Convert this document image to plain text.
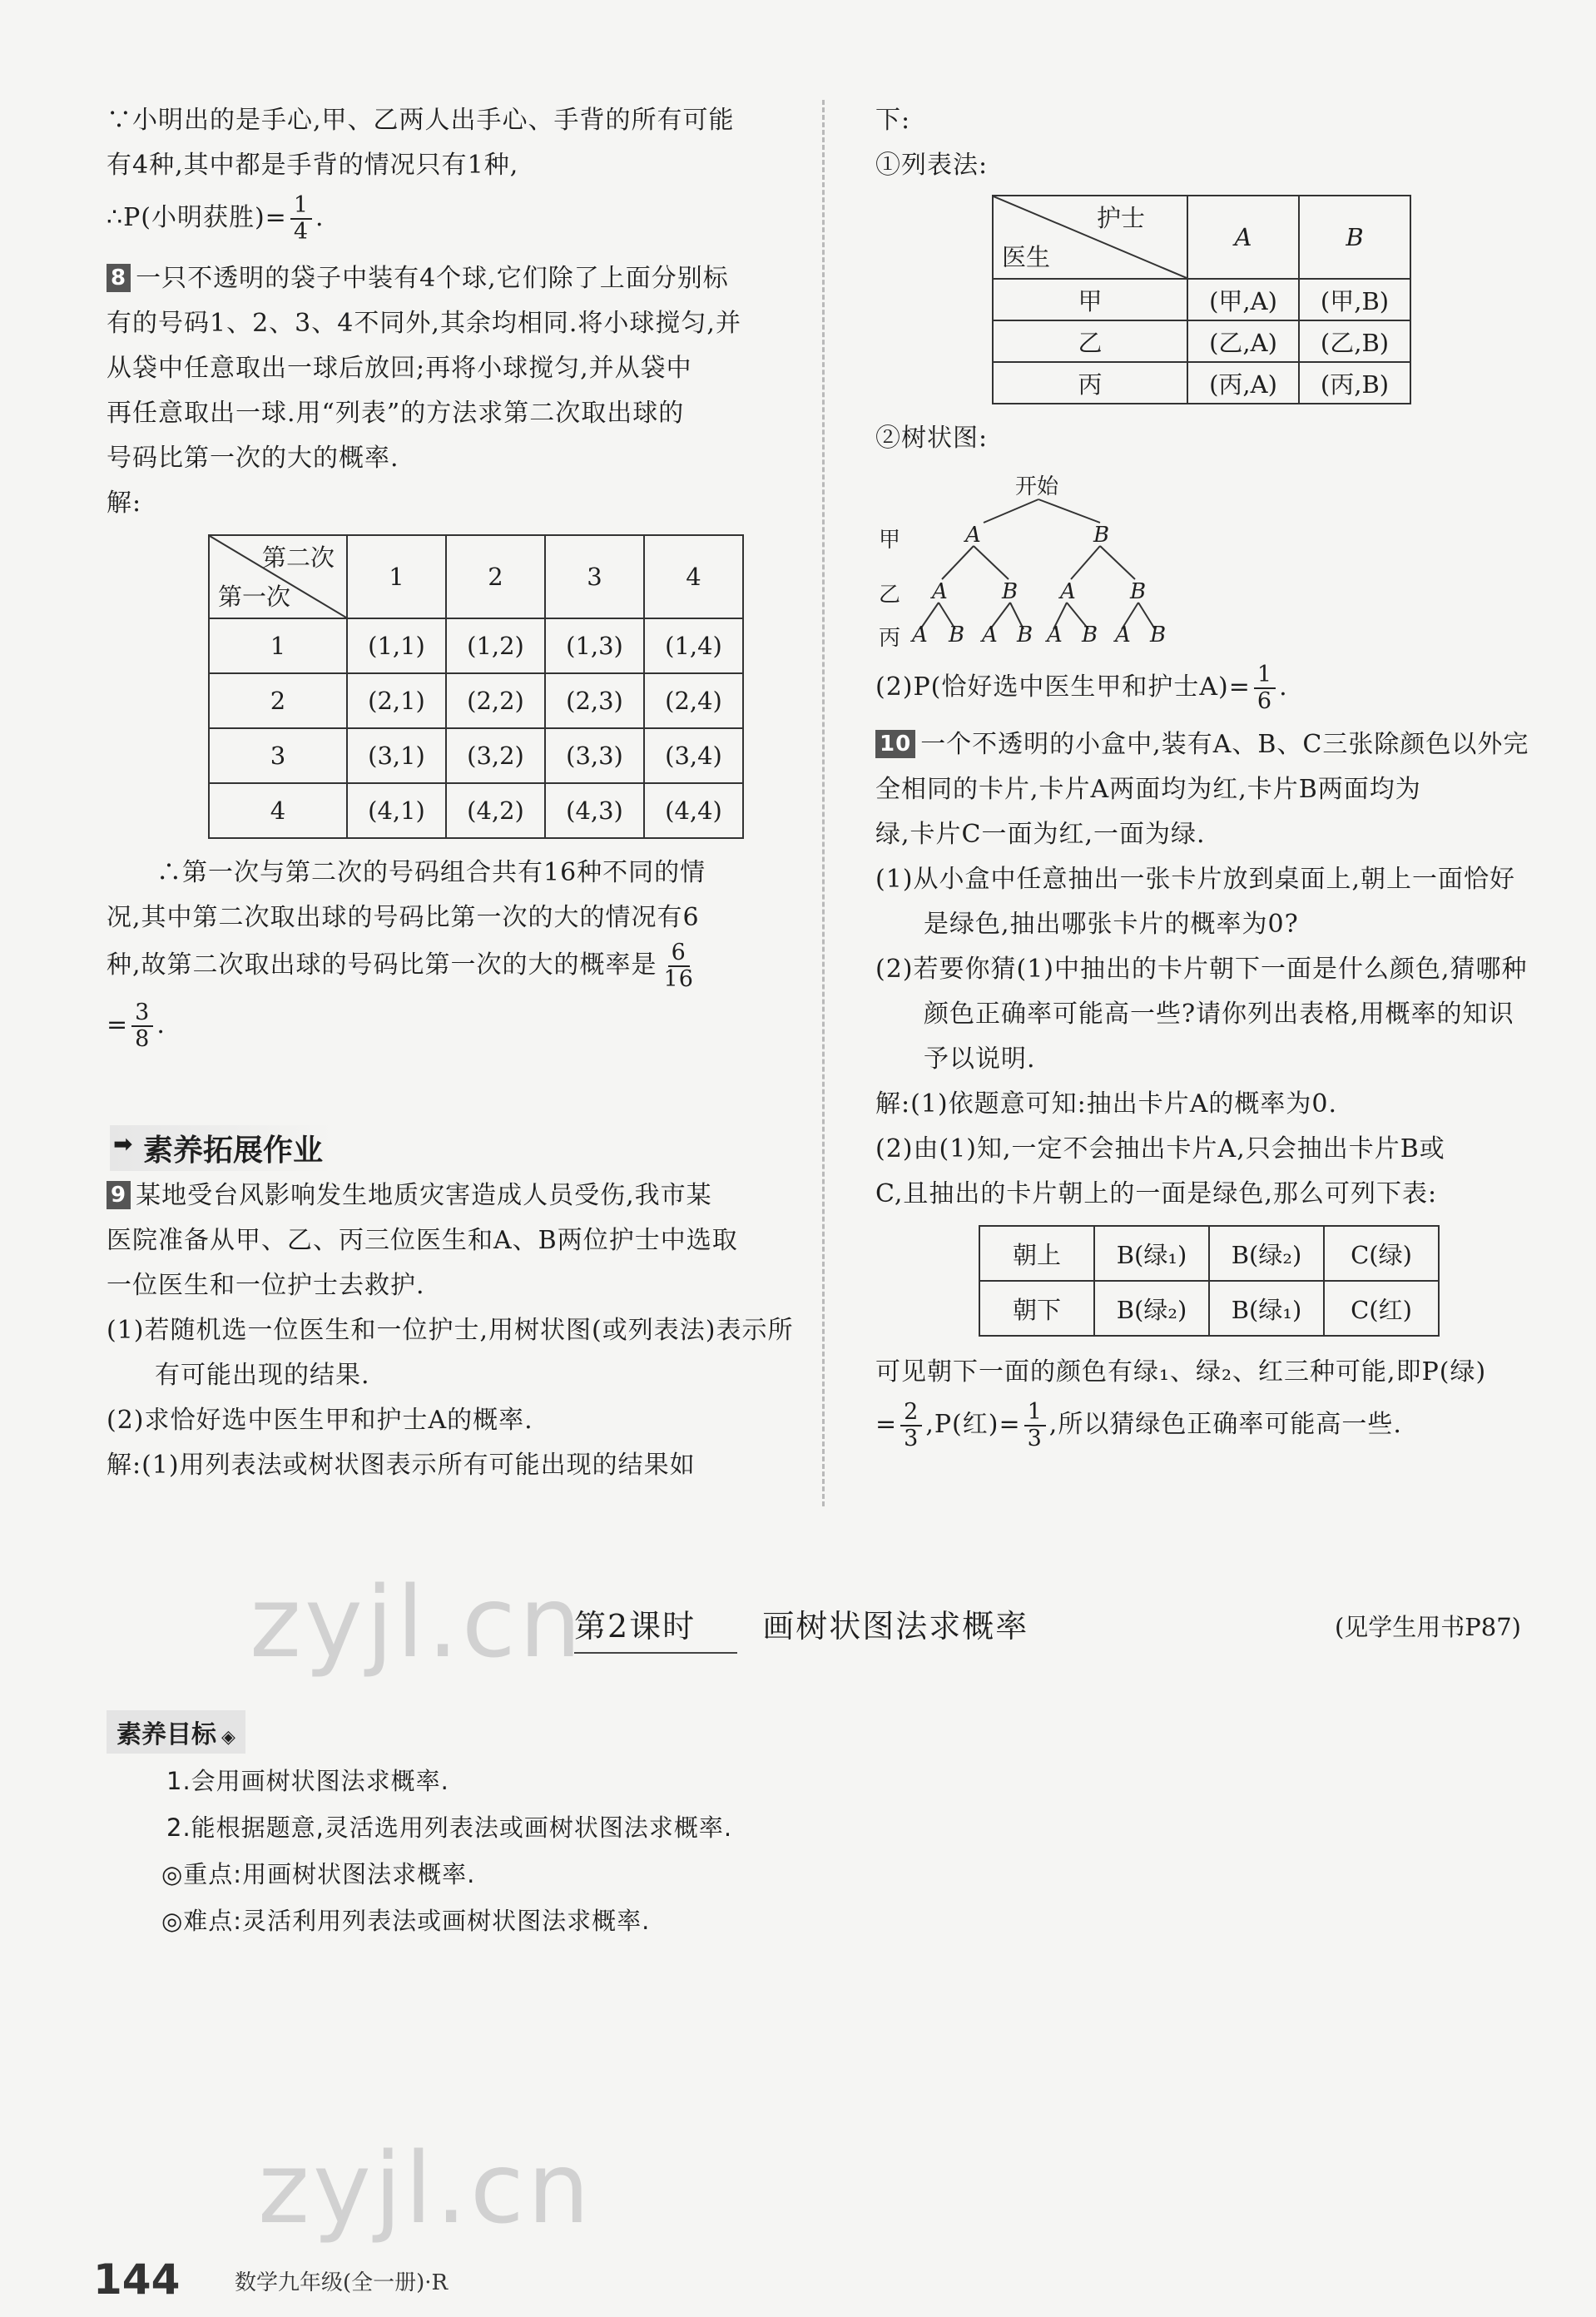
∵小明出的是手心,甲、乙两人出手心、手背的所有可能

有4种,其中都是手背的情况只有1种,

∴P(小明获胜)= $\frac{1}{4}$ .

8 一只不透明的袋子中装有4个球,它们除了上面分别标

有的号码1、2、3、4不同外,其余均相同.将小球搅匀,并

从袋中任意取出一球后放回;再将小球搅匀,并从袋中

再任意取出一球.用“列表”的方法求第二次取出球的

号码比第一次的大的概率.

解:

第二次
第一次	1	2	3	4
1	(1,1)	(1,2)	(1,3)	(1,4)
2	(2,1)	(2,2)	(2,3)	(2,4)
3	(3,1)	(3,2)	(3,3)	(3,4)
4	(4,1)	(4,2)	(4,3)	(4,4)

∴第一次与第二次的号码组合共有16种不同的情

况,其中第二次取出球的号码比第一次的大的情况有6

种,故第二次取出球的号码比第一次的大的概率是 $\frac{6}{16}$

= $\frac{3}{8}$ .

➡ 素养拓展作业

9 某地受台风影响发生地质灾害造成人员受伤,我市某

医院准备从甲、乙、丙三位医生和A、B两位护士中选取

一位医生和一位护士去救护.

(1)若随机选一位医生和一位护士,用树状图(或列表法)表示所有可能出现的结果.

(2)求恰好选中医生甲和护士A的概率.

解:(1)用列表法或树状图表示所有可能出现的结果如

下:

①列表法:

护士
医生	A	B
甲	(甲,A)	(甲,B)
乙	(乙,A)	(乙,B)
丙	(丙,A)	(丙,B)

②树状图:

开始
甲
乙
丙
A	B
A	B A	B
A B A B A B A B

(2)P(恰好选中医生甲和护士$A)= \frac{1}{6}$ .

10 一个不透明的小盒中,装有A、B、C三张除颜色以外完

全相同的卡片,卡片A两面均为红,卡片B两面均为

绿,卡片C一面为红,一面为绿.

(1)从小盒中任意抽出一张卡片放到桌面上,朝上一面恰好是绿色,抽出哪张卡片的概率为0?

(2)若要你猜(1)中抽出的卡片朝下一面是什么颜色,猜哪种颜色正确率可能高一些?请你列出表格,用概率的知识予以说明.

解:(1)依题意可知:抽出卡片A的概率为0.

(2)由(1)知,一定不会抽出卡片A,只会抽出卡片B或

C,且抽出的卡片朝上的一面是绿色,那么可列下表:

朝上	B(绿₁)	B(绿₂)	C(绿)
朝下	B(绿₂)	B(绿₁)	C(红)

可见朝下一面的颜色有绿₁、绿₂、红三种可能,即P(绿)

= $\frac{2}{3} ,P$(红)= $\frac{1}{3}$ ,所以猜绿色正确率可能高一些.

zyjl.cn
第2课时 画树状图法求概率	(见学生用书P87)
素养目标 ◈
1.会用画树状图法求概率.
2.能根据题意,灵活选用列表法或画树状图法求概率.
◎重点:用画树状图法求概率.
◎难点:灵活利用列表法或画树状图法求概率.
zyjl.cn
144	数学九年级(全一册)·R
